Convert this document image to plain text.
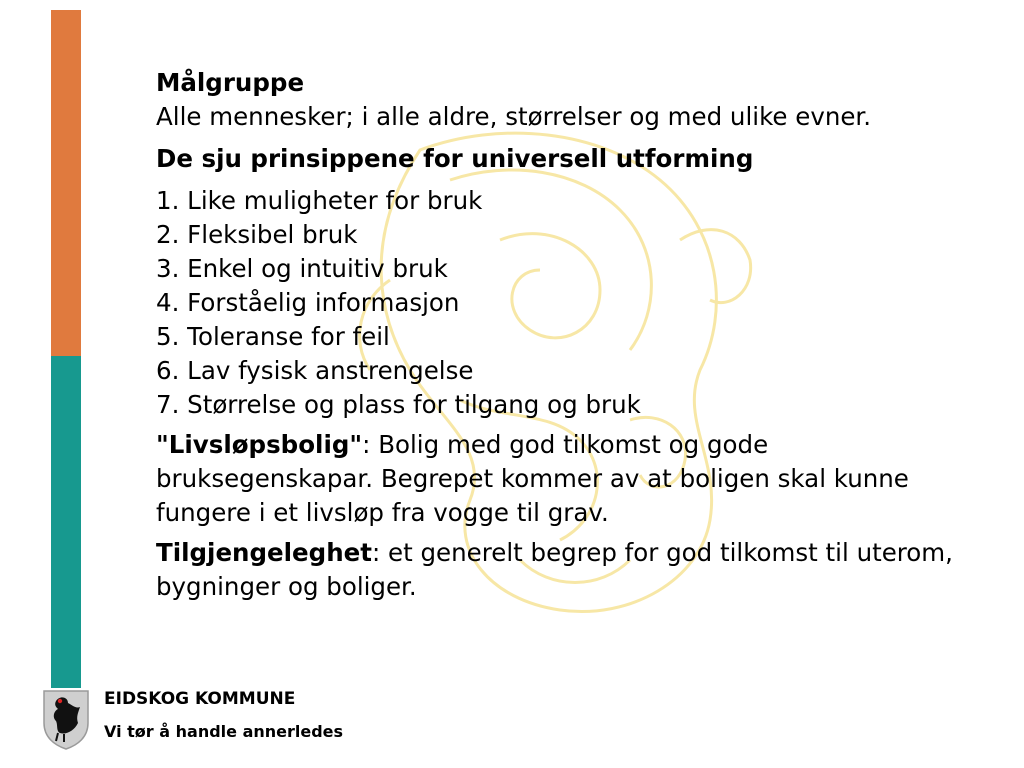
Målgruppe

Alle mennesker; i alle aldre, størrelser og med ulike evner.

De sju prinsippene for universell utforming

1. Like muligheter for bruk

2. Fleksibel bruk

3. Enkel og intuitiv bruk

4. Forståelig informasjon

5. Toleranse for feil

6. Lav fysisk anstrengelse

7. Størrelse og plass for tilgang og bruk

"Livsløpsbolig": Bolig med god tilkomst og gode bruksegenskapar. Begrepet kommer av at boligen skal kunne fungere i et livsløp fra vogge til grav.

Tilgjengeleghet: et generelt begrep for god tilkomst til uterom, bygninger og boliger.

EIDSKOG KOMMUNE
Vi tør å handle annerledes
